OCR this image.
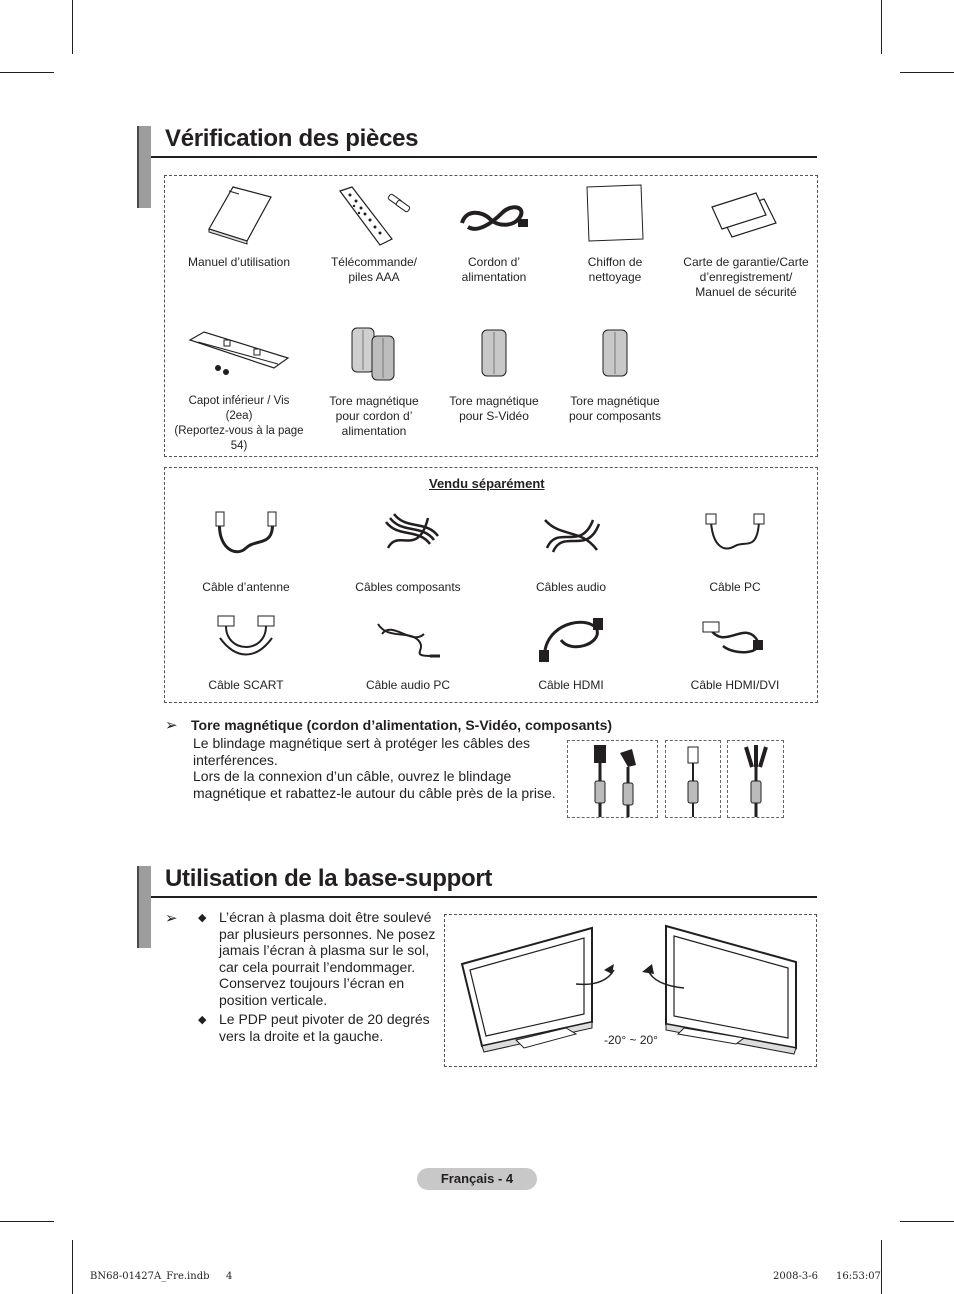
Vérification des pièces
Manuel d’utilisation	Télécommande/
piles AAA
Cordon d’
alimentation
Chiffon de
nettoyage
Carte de garantie/Carte
d’enregistrement/
Manuel de sécurité
Capot inférieur / Vis (2ea)
(Reportez-vous à la page 54)
Tore magnétique
pour cordon d’
alimentation
Tore magnétique
pour S-Vidéo
Tore magnétique
pour composants
Vendu séparément
Câble d’antenne	Câbles composants	Câbles audio	Câble PC
Câble SCART	Câble audio PC	Câble HDMI	Câble HDMI/DVI
➢ Tore magnétique (cordon d’alimentation, S-Vidéo, composants)
Le blindage magnétique sert à protéger les câbles des interférences.
Lors de la connexion d’un câble, ouvrez le blindage magnétique et rabattez-le autour du câble près de la prise.
Utilisation de la base-support
➢ ◆ L’écran à plasma doit être soulevé par plusieurs personnes. Ne posez jamais l’écran à plasma sur le sol, car cela pourrait l’endommager. Conservez toujours l’écran en position verticale.
◆ Le PDP peut pivoter de 20 degrés vers la droite et la gauche.	-20° ~ 20°
Français - 4
BN68-01427A_Fre.indb 4	2008-3-6 16:53:07
